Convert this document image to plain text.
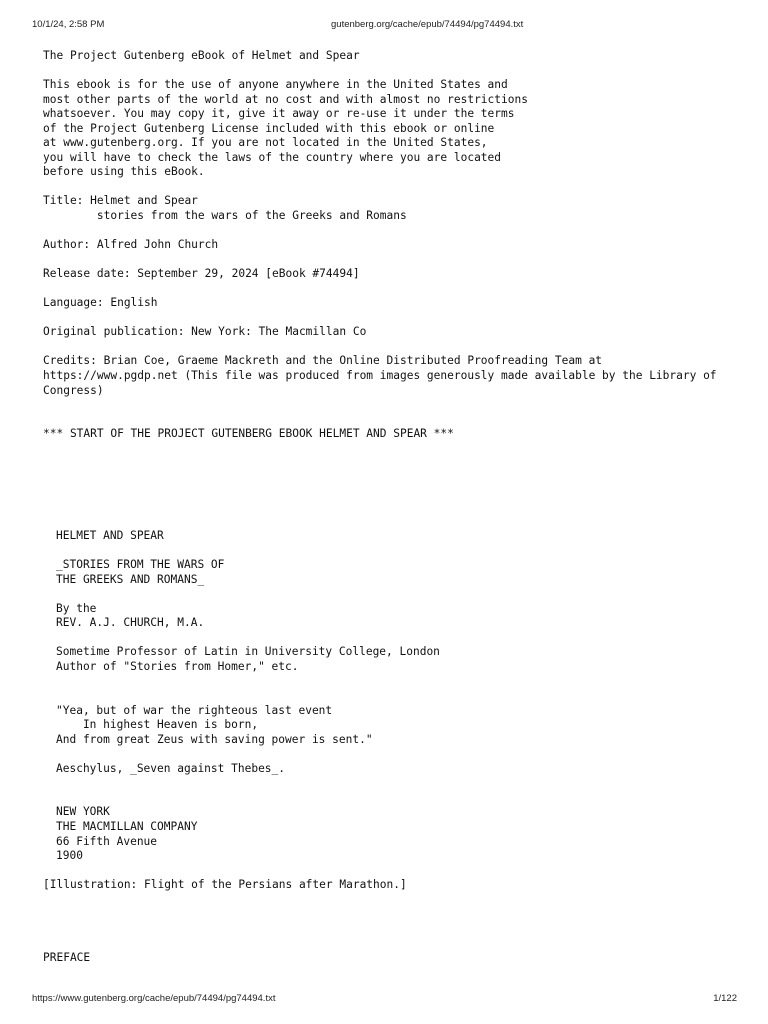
10/1/24, 2:58 PM	gutenberg.org/cache/epub/74494/pg74494.txt
The Project Gutenberg eBook of Helmet and Spear
This ebook is for the use of anyone anywhere in the United States and
most other parts of the world at no cost and with almost no restrictions
whatsoever. You may copy it, give it away or re-use it under the terms
of the Project Gutenberg License included with this ebook or online
at www.gutenberg.org. If you are not located in the United States,
you will have to check the laws of the country where you are located
before using this eBook.
Title: Helmet and Spear
stories from the wars of the Greeks and Romans
Author: Alfred John Church
Release date: September 29, 2024 [eBook #74494]
Language: English
Original publication: New York: The Macmillan Co
Credits: Brian Coe, Graeme Mackreth and the Online Distributed Proofreading Team at
https://www.pgdp.net (This file was produced from images generously made available by the Library of
Congress)
*** START OF THE PROJECT GUTENBERG EBOOK HELMET AND SPEAR ***
HELMET AND SPEAR
_STORIES FROM THE WARS OF
THE GREEKS AND ROMANS_
By the
REV. A.J. CHURCH, M.A.
Sometime Professor of Latin in University College, London
Author of "Stories from Homer," etc.
"Yea, but of war the righteous last event
In highest Heaven is born,
And from great Zeus with saving power is sent."
Aeschylus, _Seven against Thebes_.
NEW YORK
THE MACMILLAN COMPANY
66 Fifth Avenue
1900
[Illustration: Flight of the Persians after Marathon.]
PREFACE
https://www.gutenberg.org/cache/epub/74494/pg74494.txt	1/122
